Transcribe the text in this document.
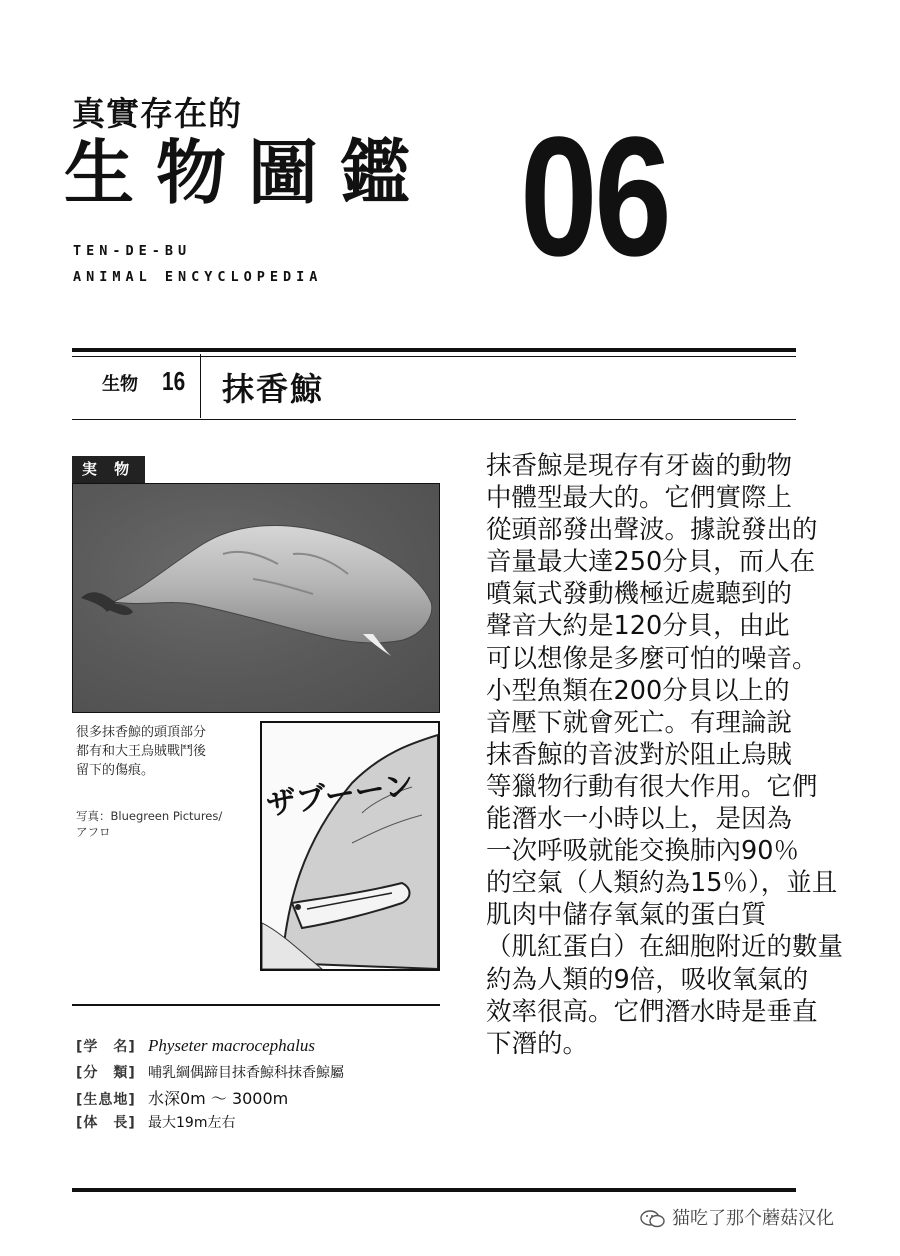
真實存在的
生物圖鑑
TEN-DE-BU
ANIMAL ENCYCLOPEDIA 06
生物 16 抹香鯨
実 物
很多抹香鯨的頭頂部分
都有和大王烏賊戰鬥後
留下的傷痕。
写真：Bluegreen Pictures/
アフロ
ザブーーン
[学　名] Physeter macrocephalus
[分　類] 哺乳綱偶蹄目抹香鯨科抹香鯨屬
[生息地] 水深0m 〜 3000m
[体　長] 最大19m左右
抹香鯨是現存有牙齒的動物
中體型最大的。它們實際上
從頭部發出聲波。據說發出的
音量最大達250分貝，而人在
噴氣式發動機極近處聽到的
聲音大約是120分貝，由此
可以想像是多麼可怕的噪音。
小型魚類在200分貝以上的
音壓下就會死亡。有理論說
抹香鯨的音波對於阻止烏賊
等獵物行動有很大作用。它們
能潛水一小時以上，是因為
一次呼吸就能交換肺內90％
的空氣（人類約為15％），並且
肌肉中儲存氧氣的蛋白質
（肌紅蛋白）在細胞附近的數量
約為人類的9倍，吸收氧氣的
效率很高。它們潛水時是垂直
下潛的。
猫吃了那个蘑菇汉化
